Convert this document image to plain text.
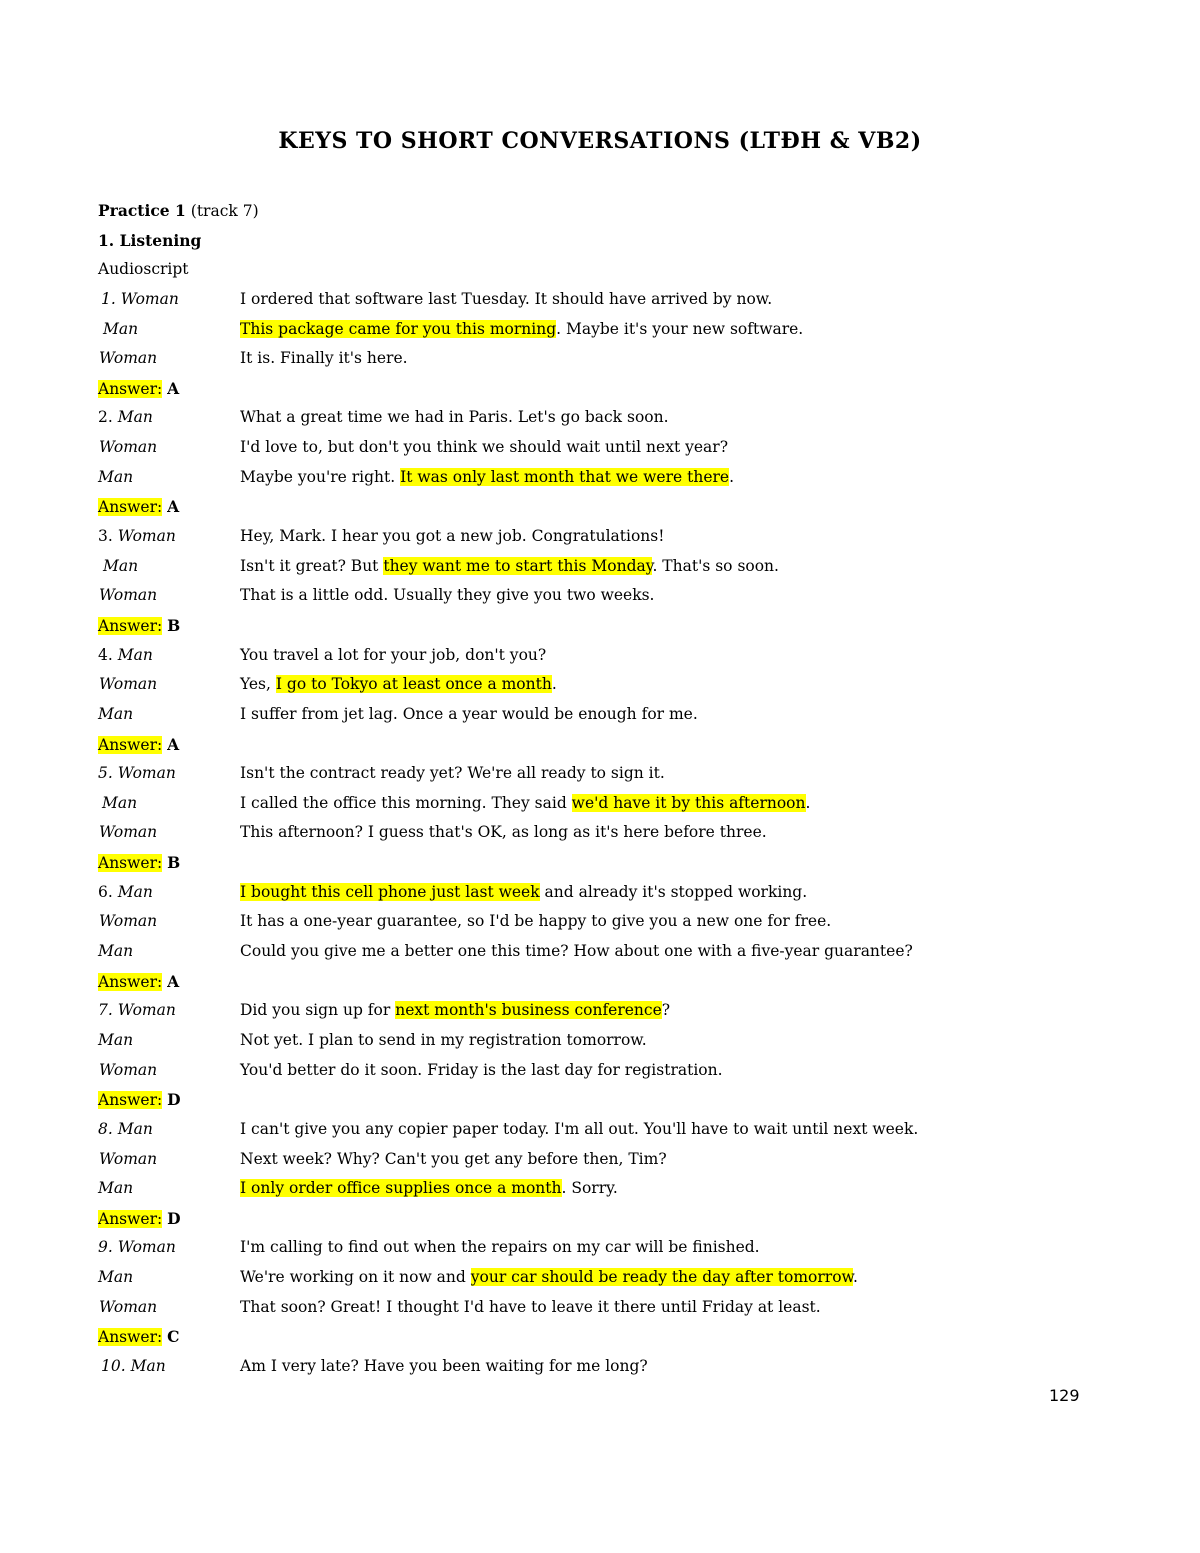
KEYS TO SHORT CONVERSATIONS (LTĐH & VB2)
Practice 1 (track 7)
1. Listening
Audioscript
1. Woman	I ordered that software last Tuesday. It should have arrived by now.
Man	This package came for you this morning. Maybe it's your new software.
Woman	It is. Finally it's here.
Answer: A
2. Man	What a great time we had in Paris. Let's go back soon.
Woman	I'd love to, but don't you think we should wait until next year?
Man	Maybe you're right. It was only last month that we were there.
Answer: A
3. Woman	Hey, Mark. I hear you got a new job. Congratulations!
Man	Isn't it great? But they want me to start this Monday. That's so soon.
Woman	That is a little odd. Usually they give you two weeks.
Answer: B
4. Man	You travel a lot for your job, don't you?
Woman	Yes, I go to Tokyo at least once a month.
Man	I suffer from jet lag. Once a year would be enough for me.
Answer: A
5. Woman	Isn't the contract ready yet? We're all ready to sign it.
Man	I called the office this morning. They said we'd have it by this afternoon.
Woman	This afternoon? I guess that's OK, as long as it's here before three.
Answer: B
6. Man	I bought this cell phone just last week and already it's stopped working.
Woman	It has a one-year guarantee, so I'd be happy to give you a new one for free.
Man	Could you give me a better one this time? How about one with a five-year guarantee?
Answer: A
7. Woman	Did you sign up for next month's business conference?
Man	Not yet. I plan to send in my registration tomorrow.
Woman	You'd better do it soon. Friday is the last day for registration.
Answer: D
8. Man	I can't give you any copier paper today. I'm all out. You'll have to wait until next week.
Woman	Next week? Why? Can't you get any before then, Tim?
Man	I only order office supplies once a month. Sorry.
Answer: D
9. Woman	I'm calling to find out when the repairs on my car will be finished.
Man	We're working on it now and your car should be ready the day after tomorrow.
Woman	That soon? Great! I thought I'd have to leave it there until Friday at least.
Answer: C
10. Man	Am I very late? Have you been waiting for me long?
129
